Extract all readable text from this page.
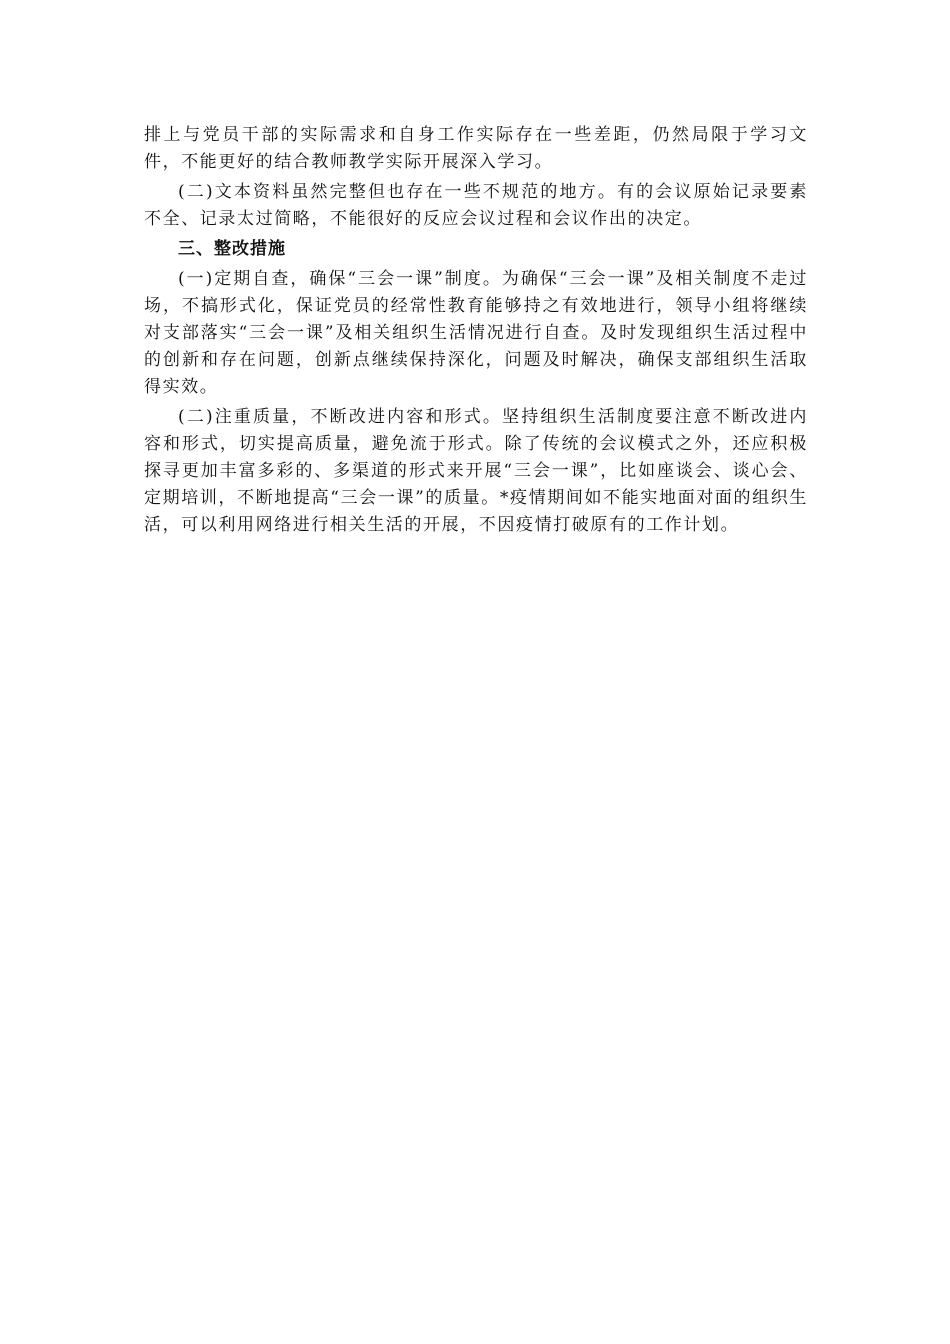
排上与党员干部的实际需求和自身工作实际存在一些差距，仍然局限于学习文件，不能更好的结合教师教学实际开展深入学习。

(二)文本资料虽然完整但也存在一些不规范的地方。有的会议原始记录要素不全、记录太过简略，不能很好的反应会议过程和会议作出的决定。

三、整改措施

(一)定期自查，确保“三会一课”制度。为确保“三会一课”及相关制度不走过场，不搞形式化，保证党员的经常性教育能够持之有效地进行，领导小组将继续对支部落实“三会一课”及相关组织生活情况进行自查。及时发现组织生活过程中的创新和存在问题，创新点继续保持深化，问题及时解决，确保支部组织生活取得实效。

(二)注重质量，不断改进内容和形式。坚持组织生活制度要注意不断改进内容和形式，切实提高质量，避免流于形式。除了传统的会议模式之外，还应积极探寻更加丰富多彩的、多渠道的形式来开展“三会一课”，比如座谈会、谈心会、定期培训，不断地提高“三会一课”的质量。*疫情期间如不能实地面对面的组织生活，可以利用网络进行相关生活的开展，不因疫情打破原有的工作计划。
